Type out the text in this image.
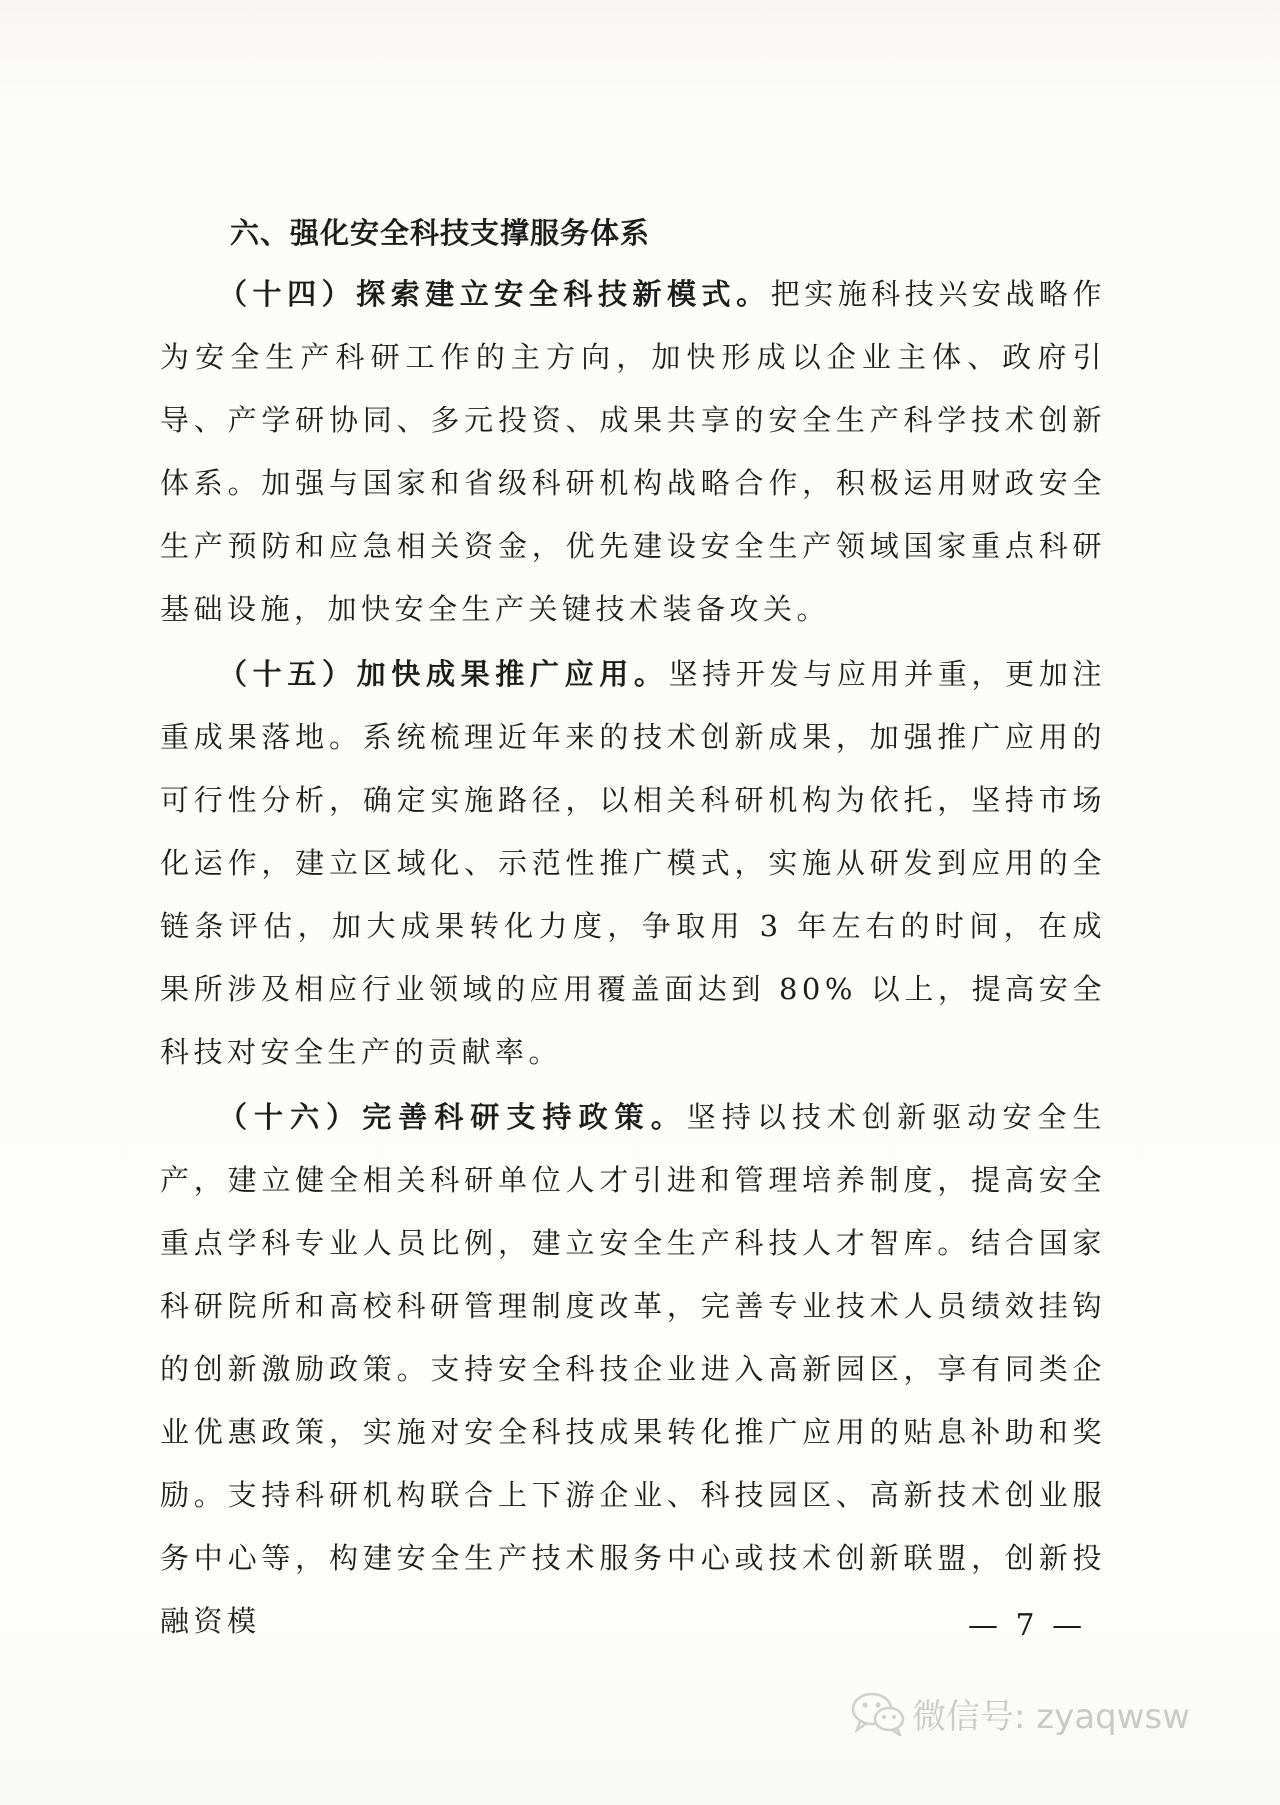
六、强化安全科技支撑服务体系

（十四）探索建立安全科技新模式。把实施科技兴安战略作为安全生产科研工作的主方向，加快形成以企业主体、政府引导、产学研协同、多元投资、成果共享的安全生产科学技术创新体系。加强与国家和省级科研机构战略合作，积极运用财政安全生产预防和应急相关资金，优先建设安全生产领域国家重点科研基础设施，加快安全生产关键技术装备攻关。

（十五）加快成果推广应用。坚持开发与应用并重，更加注重成果落地。系统梳理近年来的技术创新成果，加强推广应用的可行性分析，确定实施路径，以相关科研机构为依托，坚持市场化运作，建立区域化、示范性推广模式，实施从研发到应用的全链条评估，加大成果转化力度，争取用 3 年左右的时间，在成果所涉及相应行业领域的应用覆盖面达到 80% 以上，提高安全科技对安全生产的贡献率。

（十六）完善科研支持政策。坚持以技术创新驱动安全生产，建立健全相关科研单位人才引进和管理培养制度，提高安全重点学科专业人员比例，建立安全生产科技人才智库。结合国家科研院所和高校科研管理制度改革，完善专业技术人员绩效挂钩的创新激励政策。支持安全科技企业进入高新园区，享有同类企业优惠政策，实施对安全科技成果转化推广应用的贴息补助和奖励。支持科研机构联合上下游企业、科技园区、高新技术创业服务中心等，构建安全生产技术服务中心或技术创新联盟，创新投融资模	— 7 —
微信号: zyaqwsw
